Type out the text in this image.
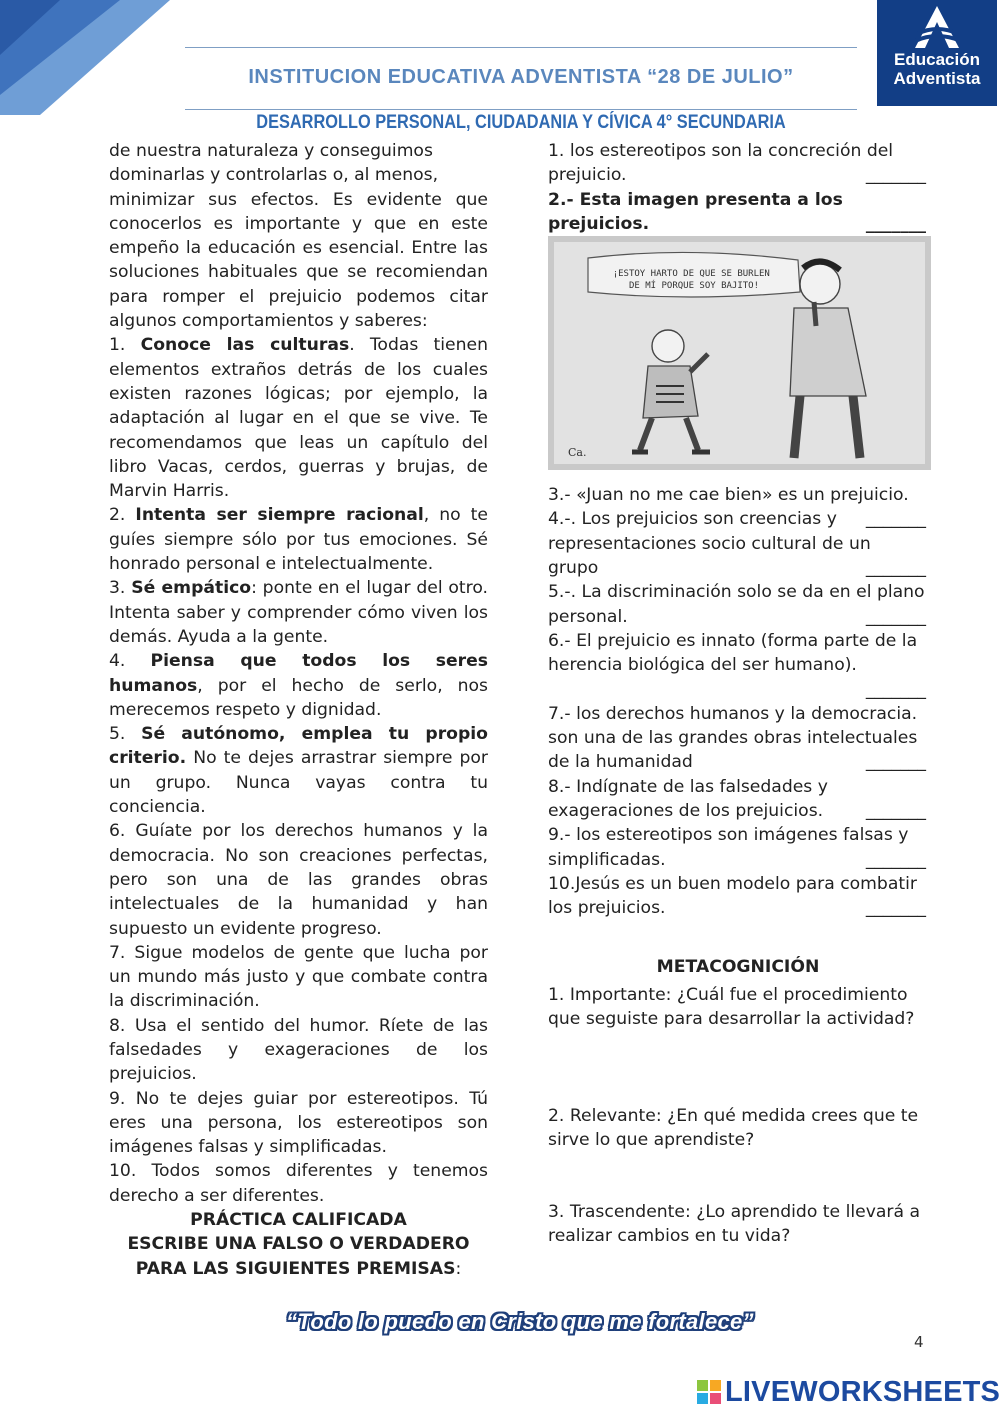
INSTITUCION EDUCATIVA ADVENTISTA “28 DE JULIO”
DESARROLLO PERSONAL, CIUDADANIA Y CÍVICA 4° SECUNDARIA
Educación
Adventista

de nuestra naturaleza y conseguimos dominarlas y controlarlas o, al menos,

minimizar sus efectos. Es evidente que conocerlos es importante y que en este empeño la educación es esencial. Entre las soluciones habituales que se recomiendan para romper el prejuicio podemos citar algunos comportamientos y saberes:

1. Conoce las culturas. Todas tienen elementos extraños detrás de los cuales existen razones lógicas; por ejemplo, la adaptación al lugar en el que se vive. Te recomendamos que leas un capítulo del libro Vacas, cerdos, guerras y brujas, de Marvin Harris.

2. Intenta ser siempre racional, no te guíes siempre sólo por tus emociones. Sé honrado personal e intelectualmente.

3. Sé empático: ponte en el lugar del otro. Intenta saber y comprender cómo viven los demás. Ayuda a la gente.

4. Piensa que todos los seres humanos, por el hecho de serlo, nos merecemos respeto y dignidad.

5. Sé autónomo, emplea tu propio criterio. No te dejes arrastrar siempre por un grupo. Nunca vayas contra tu conciencia.

6. Guíate por los derechos humanos y la democracia. No son creaciones perfectas, pero son una de las grandes obras intelectuales de la humanidad y han supuesto un evidente progreso.

7. Sigue modelos de gente que lucha por un mundo más justo y que combate contra la discriminación.

8. Usa el sentido del humor. Ríete de las falsedades y exageraciones de los prejuicios.

9. No te dejes guiar por estereotipos. Tú eres una persona, los estereotipos son imágenes falsas y simplificadas.

10. Todos somos diferentes y tenemos derecho a ser diferentes.

PRÁCTICA CALIFICADA
ESCRIBE UNA FALSO O VERDADERO
PARA LAS SIGUIENTES PREMISAS:

1. los estereotipos son la concreción del prejuicio.	_______

2.- Esta imagen presenta a los prejuicios.	_______

3.- «Juan no me cae bien» es un prejuicio.
_______

4.-. Los prejuicios son creencias y representaciones socio cultural de un grupo	_______

5.-. La discriminación solo se da en el plano personal.	_______

6.- El prejuicio es innato (forma parte de la herencia biológica del ser humano).

_______

7.- los derechos humanos y la democracia. son una de las grandes obras intelectuales de la humanidad	_______

8.- Indígnate de las falsedades y exageraciones de los prejuicios. _______

9.- los estereotipos son imágenes falsas y simplificadas.	_______

10.Jesús es un buen modelo para combatir los prejuicios.	_______

¡ESTOY HARTO DE QUE SE BURLEN DE MÍ PORQUE SOY BAJITO!
Ca.
METACOGNICIÓN
1. Importante: ¿Cuál fue el procedimiento que seguiste para desarrollar la actividad?
2. Relevante: ¿En qué medida crees que te sirve lo que aprendiste?
3. Trascendente: ¿Lo aprendido te llevará a realizar cambios en tu vida?
“Todo lo puedo en Cristo que me fortalece”
4
LIVEWORKSHEETS
